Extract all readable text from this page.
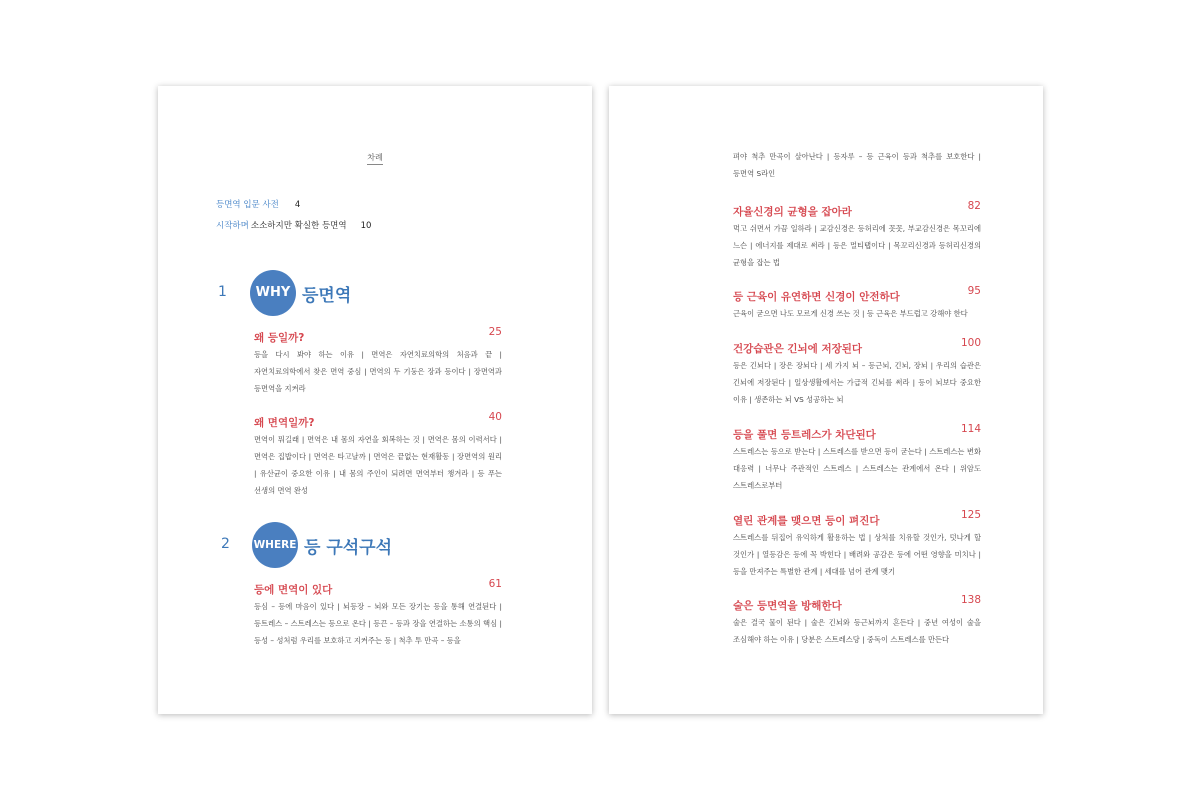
차례
등면역 입문 사전 4
시작하며 소소하지만 확실한 등면역 10
1	WHY 등면역
왜 등일까?	25
등을 다시 봐야 하는 이유 | 면역은 자연치료의학의 처음과 끝 | 자연치료의학에서 찾은 면역 중심 | 면역의 두 기둥은 장과 등이다 | 장면역과 등면역을 지켜라
왜 면역일까?	40
면역이 뭐길래 | 면역은 내 몸의 자연을 회복하는 것 | 면역은 몸의 이력서다 | 면역은 집밥이다 | 면역은 타고날까 | 면역은 끝없는 현재활동 | 장면역의 원리 | 유산균이 중요한 이유 | 내 몸의 주인이 되려면 면역부터 챙겨라 | 등 푸는 선생의 면역 완성
2 WHERE 등 구석구석
등에 면역이 있다	61
등심 – 등에 마음이 있다 | 뇌등장 – 뇌와 모든 장기는 등을 통해 연결된다 | 등트레스 – 스트레스는 등으로 온다 | 등끈 – 등과 장을 연결하는 소통의 핵심 | 등성 – 성처럼 우리를 보호하고 지켜주는 등 | 척추 투 만곡 – 등을
펴야 척추 만곡이 살아난다 | 등자루 – 등 근육이 등과 척추를 보호한다 | 등면역 S라인
자율신경의 균형을 잡아라	82
먹고 쉬면서 가끔 일하라 | 교감신경은 등허리에 꼿꼿, 부교감신경은 목꼬리에 느슨 | 에너지를 제대로 써라 | 등은 멀티탭이다 | 목꼬리신경과 등허리신경의 균형을 잡는 법
등 근육이 유연하면 신경이 안전하다	95
근육이 굳으면 나도 모르게 신경 쓰는 것 | 등 근육은 부드럽고 강해야 한다
건강습관은 긴뇌에 저장된다	100
등은 긴뇌다 | 장은 장뇌다 | 세 가지 뇌 – 등근뇌, 긴뇌, 장뇌 | 우리의 습관은 긴뇌에 저장된다 | 일상생활에서는 가급적 긴뇌를 써라 | 등이 뇌보다 중요한 이유 | 생존하는 뇌 VS 성공하는 뇌
등을 풀면 등트레스가 차단된다	114
스트레스는 등으로 받는다 | 스트레스를 받으면 등이 굳는다 | 스트레스는 변화 대응력 | 너무나 주관적인 스트레스 | 스트레스는 관계에서 온다 | 위암도 스트레스로부터
열린 관계를 맺으면 등이 펴진다	125
스트레스를 뒤집어 유익하게 활용하는 법 | 상처를 치유할 것인가, 덧나게 할 것인가 | 열등감은 등에 꼭 박힌다 | 배려와 공감은 등에 어떤 영향을 미치나 | 등을 만져주는 특별한 관계 | 세대를 넘어 관계 맺기
술은 등면역을 방해한다	138
술은 결국 물이 된다 | 술은 긴뇌와 등근뇌까지 흔든다 | 중년 여성이 술을 조심해야 하는 이유 | 당분은 스트레스당 | 중독이 스트레스를 만든다
